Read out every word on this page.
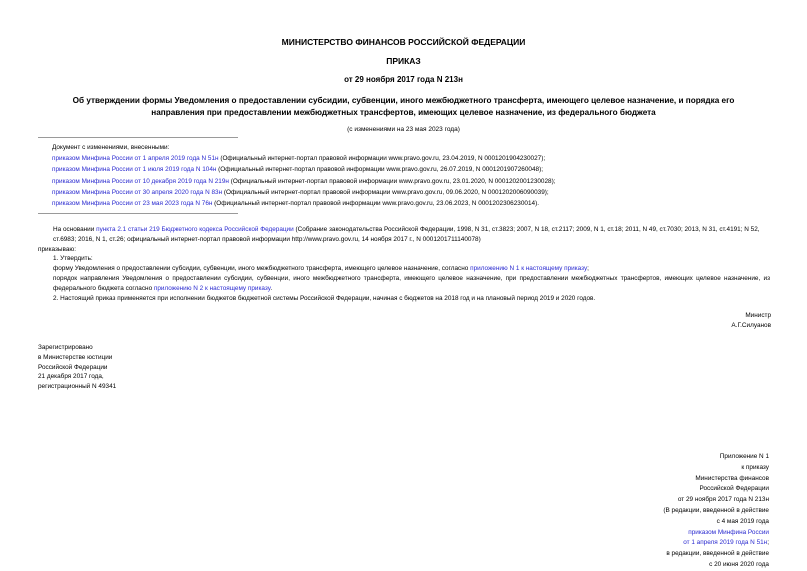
МИНИСТЕРСТВО ФИНАНСОВ РОССИЙСКОЙ ФЕДЕРАЦИИ
ПРИКАЗ
от 29 ноября 2017 года N 213н
Об утверждении формы Уведомления о предоставлении субсидии, субвенции, иного межбюджетного трансферта, имеющего целевое назначение, и порядка его
направления при предоставлении межбюджетных трансфертов, имеющих целевое назначение, из федерального бюджета
(с изменениями на 23 мая 2023 года)
Документ с изменениями, внесенными:
приказом Минфина России от 1 апреля 2019 года N 51н (Официальный интернет-портал правовой информации www.pravo.gov.ru, 23.04.2019, N 0001201904230027);
приказом Минфина России от 1 июля 2019 года N 104н (Официальный интернет-портал правовой информации www.pravo.gov.ru, 26.07.2019, N 0001201907260048);
приказом Минфина России от 10 декабря 2019 года N 219н (Официальный интернет-портал правовой информации www.pravo.gov.ru, 23.01.2020, N 0001202001230028);
приказом Минфина России от 30 апреля 2020 года N 83н (Официальный интернет-портал правовой информации www.pravo.gov.ru, 09.06.2020, N 0001202006090039);
приказом Минфина России от 23 мая 2023 года N 76н (Официальный интернет-портал правовой информации www.pravo.gov.ru, 23.06.2023, N 0001202306230014).
На основании пункта 2.1 статьи 219 Бюджетного кодекса Российской Федерации (Собрание законодательства Российской Федерации, 1998, N 31, ст.3823; 2007, N 18, ст.2117; 2009, N 1, ст.18; 2011, N 49, ст.7030; 2013, N 31, ст.4191; N 52, ст.6983; 2016, N 1, ст.26; официальный интернет-портал правовой информации http://www.pravo.gov.ru, 14 ноября 2017 г., N 0001201711140078)
приказываю:
1. Утвердить:
форму Уведомления о предоставлении субсидии, субвенции, иного межбюджетного трансферта, имеющего целевое назначение, согласно приложению N 1 к настоящему приказу;
порядок направления Уведомления о предоставлении субсидии, субвенции, иного межбюджетного трансферта, имеющего целевое назначение, при предоставлении межбюджетных трансфертов, имеющих целевое назначение, из федерального бюджета согласно приложению N 2 к настоящему приказу.
2. Настоящий приказ применяется при исполнении бюджетов бюджетной системы Российской Федерации, начиная с бюджетов на 2018 год и на плановый период 2019 и 2020 годов.
Министр
А.Г.Силуанов
Зарегистрировано
в Министерстве юстиции
Российской Федерации
21 декабря 2017 года,
регистрационный N 49341
Приложение N 1
к приказу
Министерства финансов
Российской Федерации
от 29 ноября 2017 года N 213н
(В редакции, введенной в действие
с 4 мая 2019 года
приказом Минфина России
от 1 апреля 2019 года N 51н;
в редакции, введенной в действие
с 20 июня 2020 года
